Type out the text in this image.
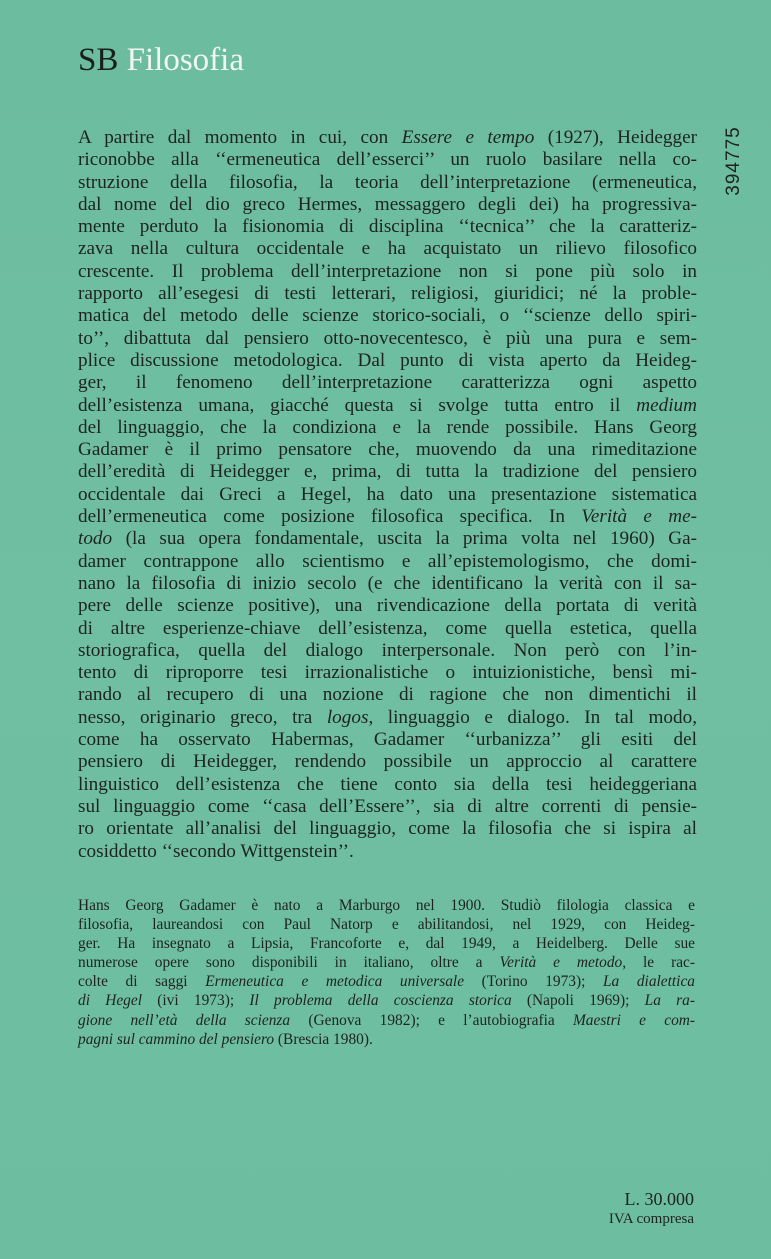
SB Filosofia
394775
A partire dal momento in cui, con Essere e tempo (1927), Heidegger
riconobbe alla ‘‘ermeneutica dell’esserci’’ un ruolo basilare nella co-
struzione della filosofia, la teoria dell’interpretazione (ermeneutica,
dal nome del dio greco Hermes, messaggero degli dei) ha progressiva-
mente perduto la fisionomia di disciplina ‘‘tecnica’’ che la caratteriz-
zava nella cultura occidentale e ha acquistato un rilievo filosofico
crescente. Il problema dell’interpretazione non si pone più solo in
rapporto all’esegesi di testi letterari, religiosi, giuridici; né la proble-
matica del metodo delle scienze storico-sociali, o ‘‘scienze dello spiri-
to’’, dibattuta dal pensiero otto-novecentesco, è più una pura e sem-
plice discussione metodologica. Dal punto di vista aperto da Heideg-
ger, il fenomeno dell’interpretazione caratterizza ogni aspetto
dell’esistenza umana, giacché questa si svolge tutta entro il medium
del linguaggio, che la condiziona e la rende possibile. Hans Georg
Gadamer è il primo pensatore che, muovendo da una rimeditazione
dell’eredità di Heidegger e, prima, di tutta la tradizione del pensiero
occidentale dai Greci a Hegel, ha dato una presentazione sistematica
dell’ermeneutica come posizione filosofica specifica. In Verità e me-
todo (la sua opera fondamentale, uscita la prima volta nel 1960) Ga-
damer contrappone allo scientismo e all’epistemologismo, che domi-
nano la filosofia di inizio secolo (e che identificano la verità con il sa-
pere delle scienze positive), una rivendicazione della portata di verità
di altre esperienze-chiave dell’esistenza, come quella estetica, quella
storiografica, quella del dialogo interpersonale. Non però con l’in-
tento di riproporre tesi irrazionalistiche o intuizionistiche, bensì mi-
rando al recupero di una nozione di ragione che non dimentichi il
nesso, originario greco, tra logos, linguaggio e dialogo. In tal modo,
come ha osservato Habermas, Gadamer ‘‘urbanizza’’ gli esiti del
pensiero di Heidegger, rendendo possibile un approccio al carattere
linguistico dell’esistenza che tiene conto sia della tesi heideggeriana
sul linguaggio come ‘‘casa dell’Essere’’, sia di altre correnti di pensie-
ro orientate all’analisi del linguaggio, come la filosofia che si ispira al
cosiddetto ‘‘secondo Wittgenstein’’.
Hans Georg Gadamer è nato a Marburgo nel 1900. Studiò filologia classica e
filosofia, laureandosi con Paul Natorp e abilitandosi, nel 1929, con Heideg-
ger. Ha insegnato a Lipsia, Francoforte e, dal 1949, a Heidelberg. Delle sue
numerose opere sono disponibili in italiano, oltre a Verità e metodo, le rac-
colte di saggi Ermeneutica e metodica universale (Torino 1973); La dialettica
di Hegel (ivi 1973); Il problema della coscienza storica (Napoli 1969); La ra-
gione nell’età della scienza (Genova 1982); e l’autobiografia Maestri e com-
pagni sul cammino del pensiero (Brescia 1980).
L. 30.000
IVA compresa
